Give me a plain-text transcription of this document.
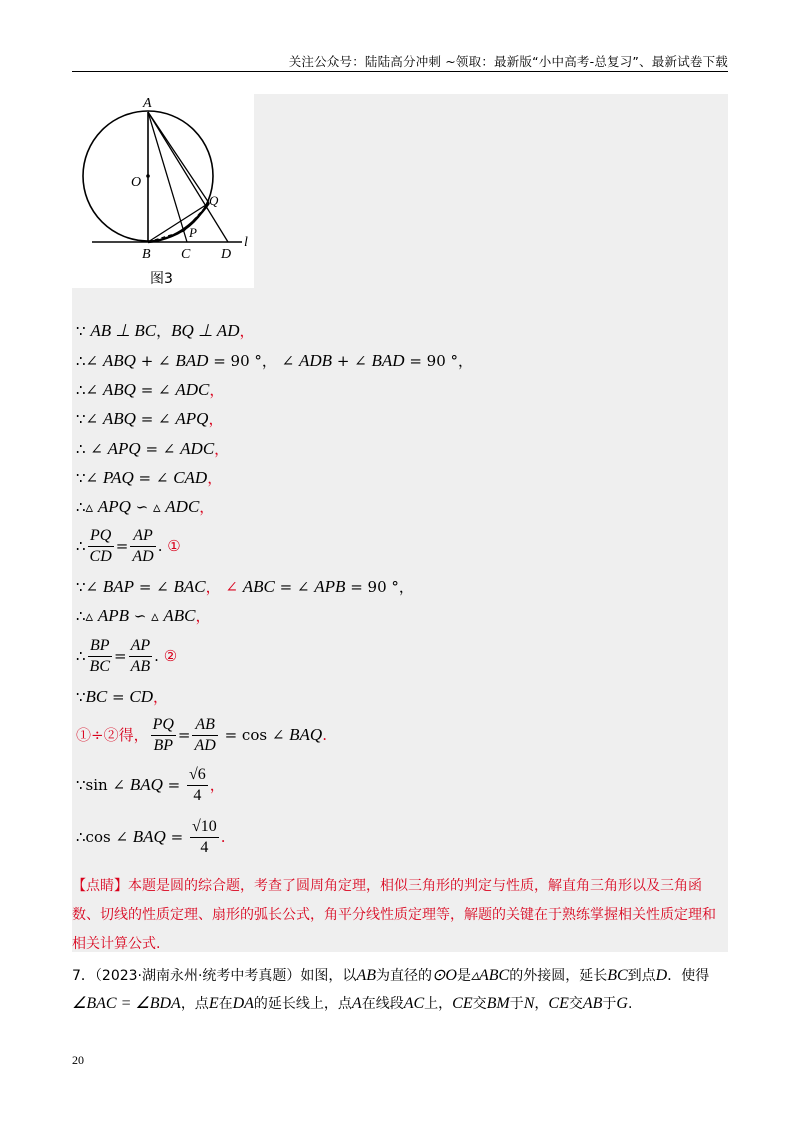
关注公众号：陆陆高分冲刺 ~领取：最新版“小中高考-总复习”、最新试卷下载
A
O
Q
P
B C D
l
图3
∵ AB ⊥ BC，BQ ⊥ AD，
∴∠ ABQ + ∠ BAD = 90 °， ∠ ADB + ∠ BAD = 90 °，
∴∠ ABQ = ∠ ADC，
∵∠ ABQ = ∠ APQ，
∴ ∠ APQ = ∠ ADC，
∵∠ PAQ = ∠ CAD，
∴▵ APQ ∽ ▵ ADC，
∴ $\frac{PQ}{CD} = \frac{AP}{AD}$ . ①
∵∠ BAP = ∠ BAC， ∠ ABC = ∠ APB = 90 °，
∴▵ APB ∽ ▵ ABC，
∴ $\frac{BP}{BC} = \frac{AP}{AB}$ . ②
∵BC = CD，
①÷②得， $\frac{PQ}{BP} = \frac{AB}{AD} = \cos$ ∠ BAQ.
∵sin ∠ BAQ = $\frac{√6}{4}$ ，
∴cos ∠ BAQ = $\frac{√10}{4}$ .
【点睛】本题是圆的综合题，考查了圆周角定理，相似三角形的判定与性质，解直角三角形以及三角函数、切线的性质定理、扇形的弧长公式，角平分线性质定理等，解题的关键在于熟练掌握相关性质定理和相关计算公式.
7．（2023·湖南永州·统考中考真题）如图，以AB为直径的⊙O是▵ABC的外接圆，延长BC到点D．使得∠BAC = ∠BDA，点E在DA的延长线上，点A在线段AC上，CE交BM于N，CE交AB于G.
20
